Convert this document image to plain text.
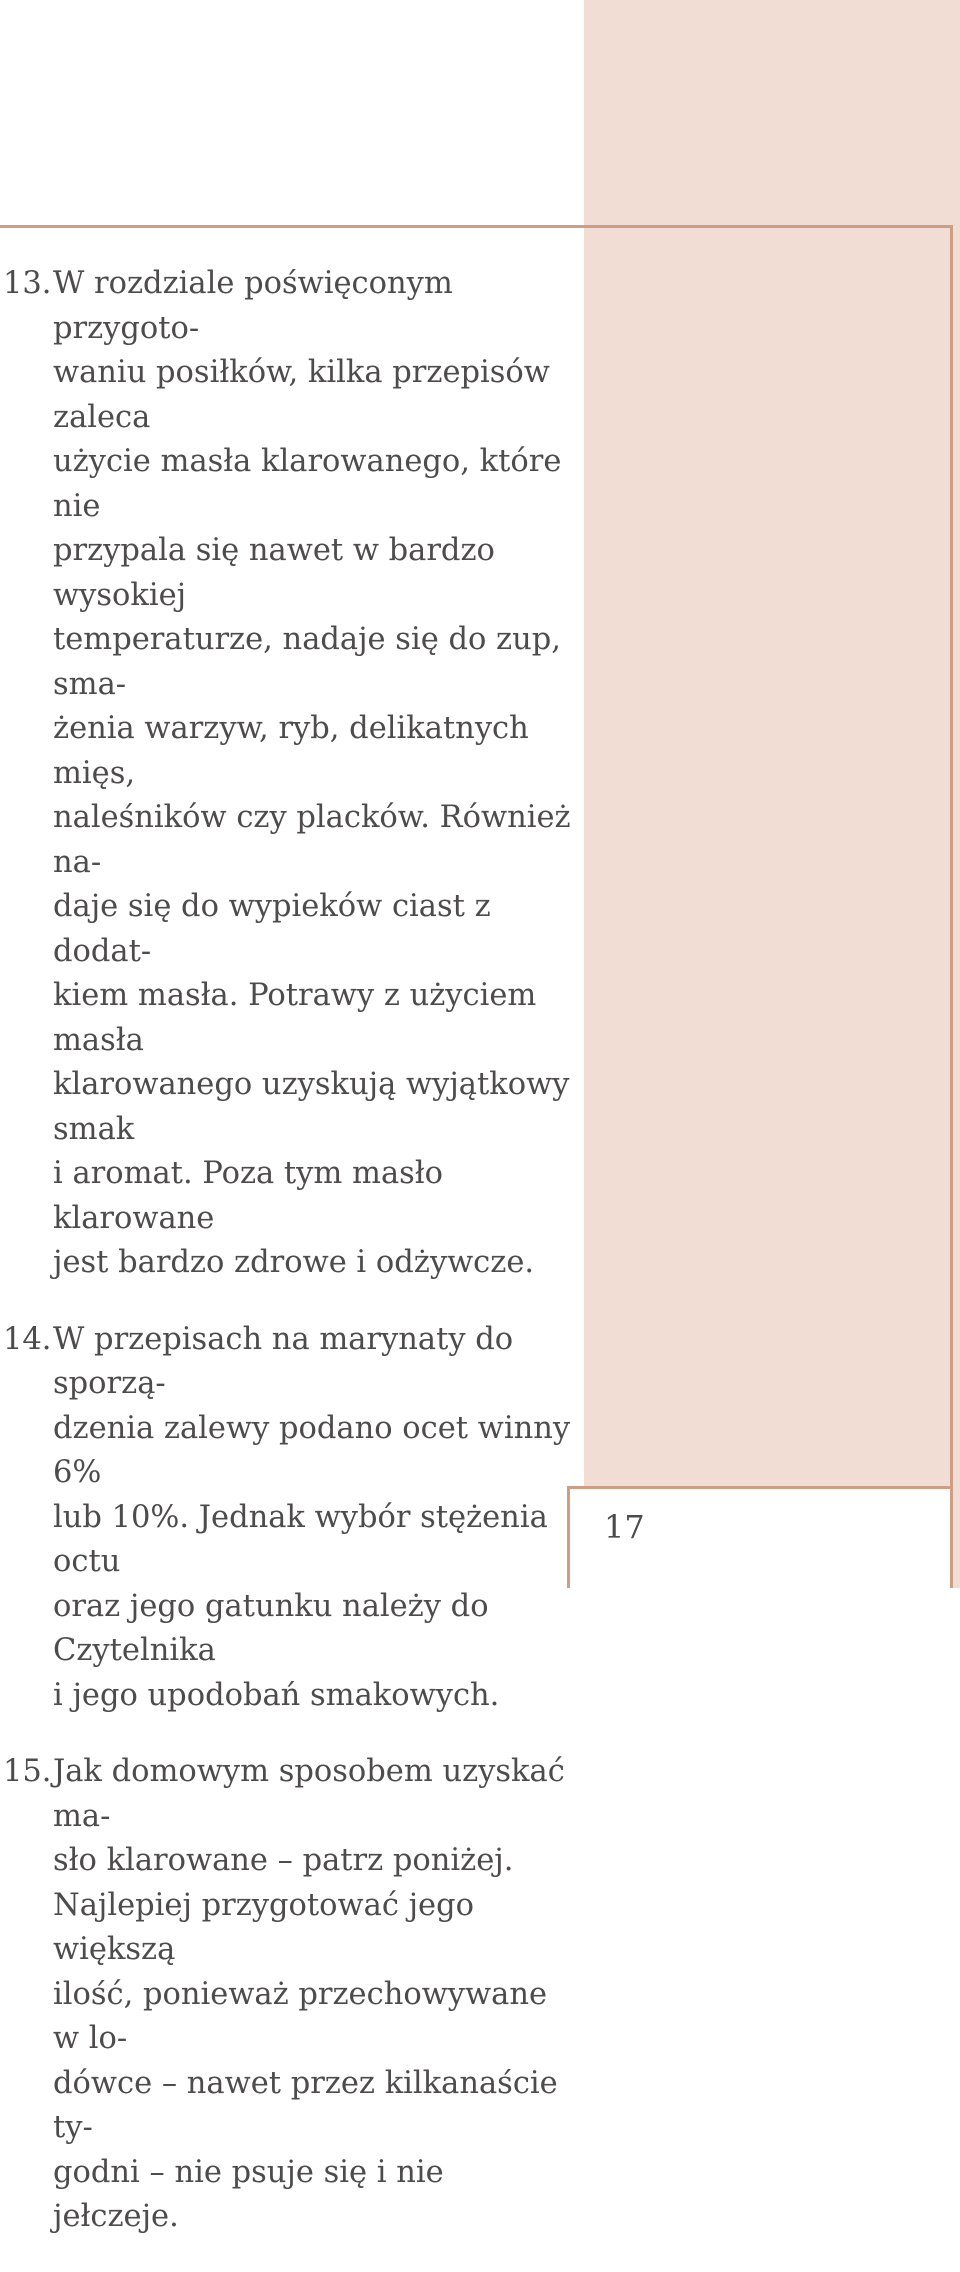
13. W rozdziale poświęconym przygoto-
waniu posiłków, kilka przepisów zaleca
użycie masła klarowanego, które nie
przypala się nawet w bardzo wysokiej
temperaturze, nadaje się do zup, sma-
żenia warzyw, ryb, delikatnych mięs,
naleśników czy placków. Również na-
daje się do wypieków ciast z dodat-
kiem masła. Potrawy z użyciem masła
klarowanego uzyskują wyjątkowy smak
i aromat. Poza tym masło klarowane
jest bardzo zdrowe i odżywcze.
14. W przepisach na marynaty do sporzą-
dzenia zalewy podano ocet winny 6%
lub 10%. Jednak wybór stężenia octu
oraz jego gatunku należy do Czytelnika
i jego upodobań smakowych.
15. Jak domowym sposobem uzyskać ma-
sło klarowane – patrz poniżej.
Najlepiej przygotować jego większą
ilość, ponieważ przechowywane w lo-
dówce – nawet przez kilkanaście ty-
godni – nie psuje się i nie jełczeje.
17
